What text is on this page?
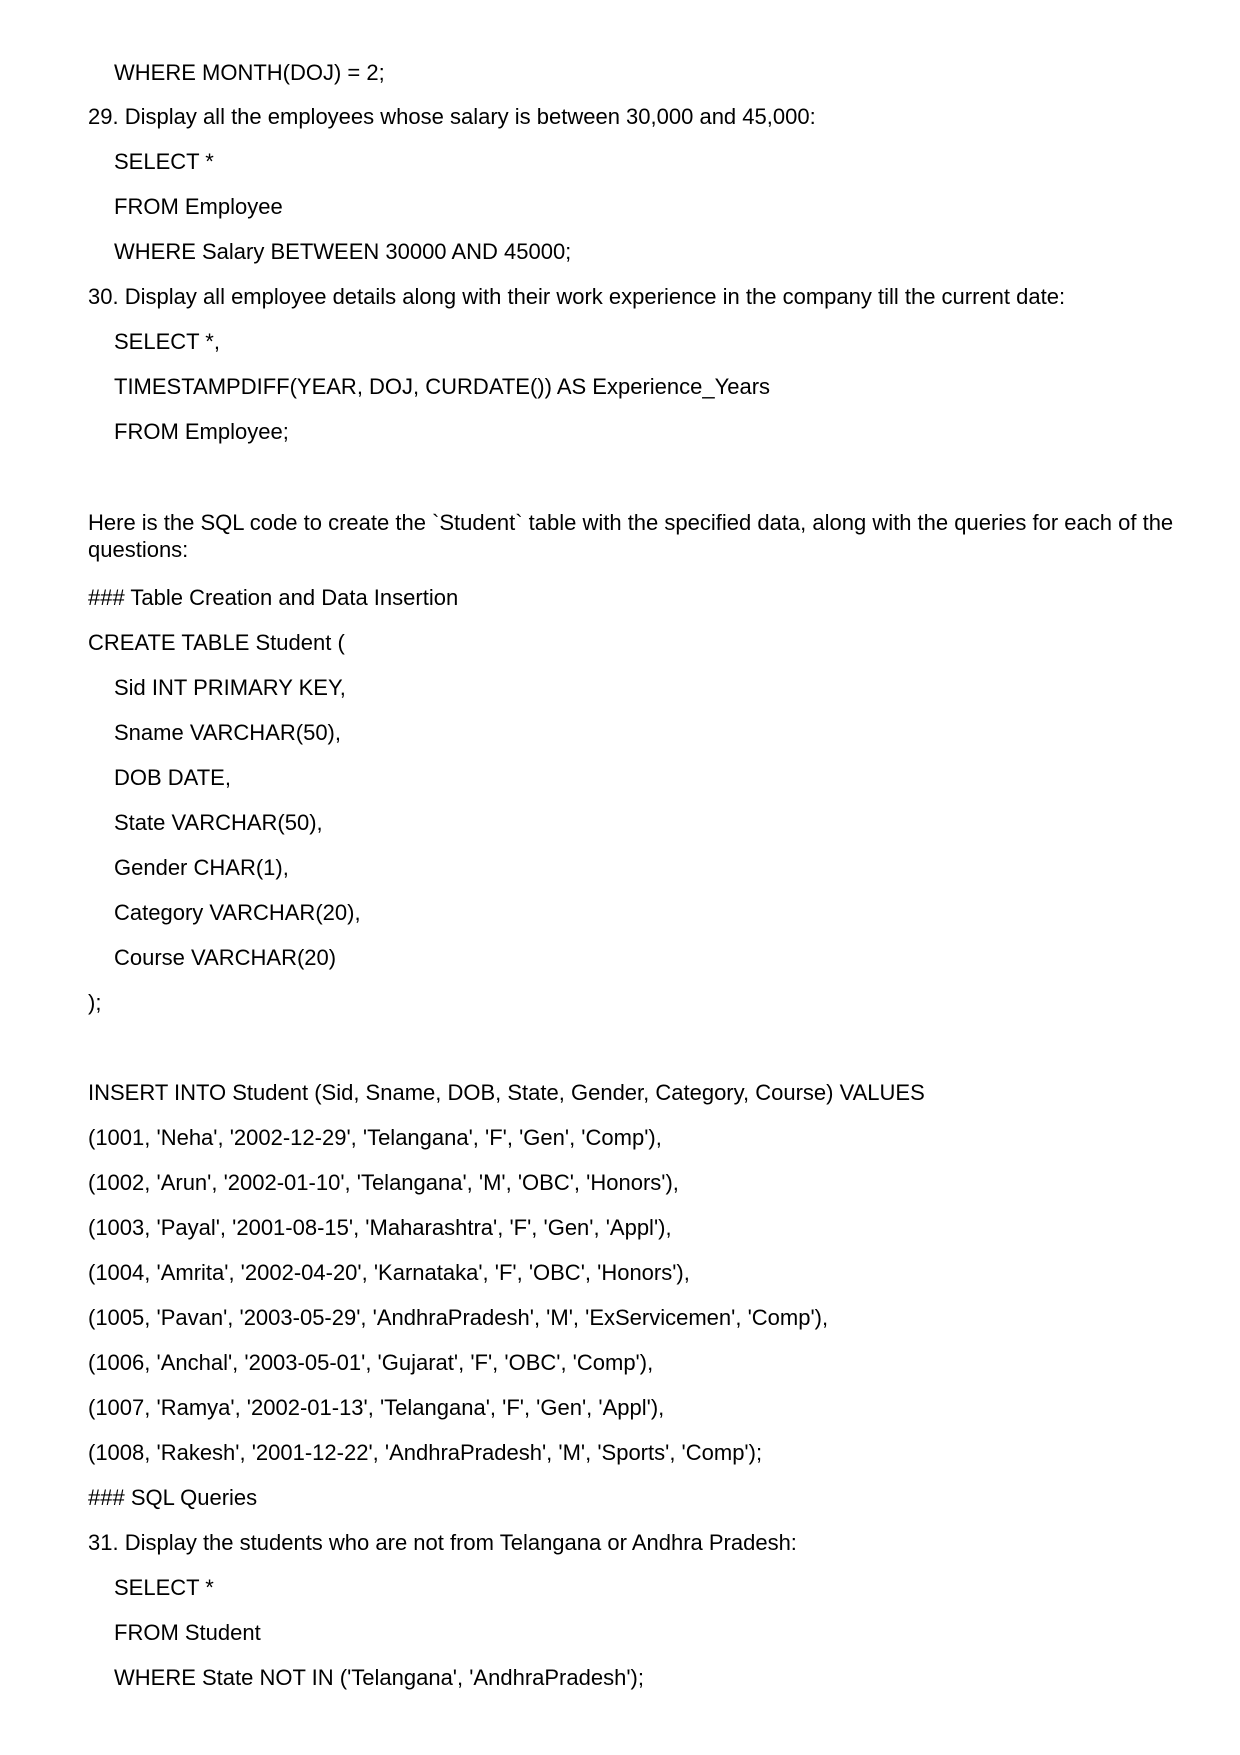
WHERE MONTH(DOJ) = 2;
29. Display all the employees whose salary is between 30,000 and 45,000:
SELECT *
FROM Employee
WHERE Salary BETWEEN 30000 AND 45000;
30. Display all employee details along with their work experience in the company till the current date:
SELECT *,
TIMESTAMPDIFF(YEAR, DOJ, CURDATE()) AS Experience_Years
FROM Employee;
Here is the SQL code to create the `Student` table with the specified data, along with the queries for each of the questions:
### Table Creation and Data Insertion
CREATE TABLE Student (
Sid INT PRIMARY KEY,
Sname VARCHAR(50),
DOB DATE,
State VARCHAR(50),
Gender CHAR(1),
Category VARCHAR(20),
Course VARCHAR(20)
);
INSERT INTO Student (Sid, Sname, DOB, State, Gender, Category, Course) VALUES
(1001, 'Neha', '2002-12-29', 'Telangana', 'F', 'Gen', 'Comp'),
(1002, 'Arun', '2002-01-10', 'Telangana', 'M', 'OBC', 'Honors'),
(1003, 'Payal', '2001-08-15', 'Maharashtra', 'F', 'Gen', 'Appl'),
(1004, 'Amrita', '2002-04-20', 'Karnataka', 'F', 'OBC', 'Honors'),
(1005, 'Pavan', '2003-05-29', 'AndhraPradesh', 'M', 'ExServicemen', 'Comp'),
(1006, 'Anchal', '2003-05-01', 'Gujarat', 'F', 'OBC', 'Comp'),
(1007, 'Ramya', '2002-01-13', 'Telangana', 'F', 'Gen', 'Appl'),
(1008, 'Rakesh', '2001-12-22', 'AndhraPradesh', 'M', 'Sports', 'Comp');
### SQL Queries
31. Display the students who are not from Telangana or Andhra Pradesh:
SELECT *
FROM Student
WHERE State NOT IN ('Telangana', 'AndhraPradesh');
